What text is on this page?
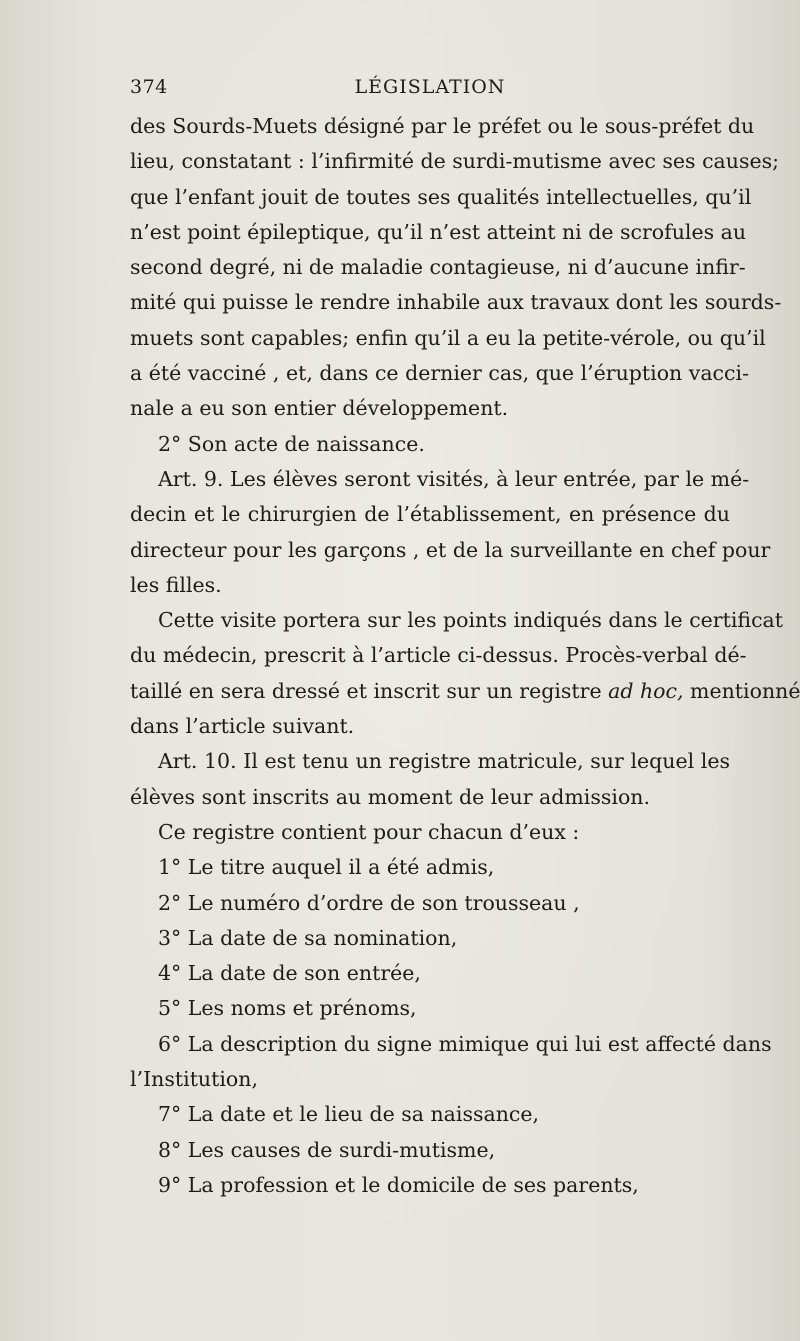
374	LÉGISLATION
des Sourds-Muets désigné par le préfet ou le sous-préfet du
lieu, constatant : l’infirmité de surdi-mutisme avec ses causes;
que l’enfant jouit de toutes ses qualités intellectuelles, qu’il
n’est point épileptique, qu’il n’est atteint ni de scrofules au
second degré, ni de maladie contagieuse, ni d’aucune infir-
mité qui puisse le rendre inhabile aux travaux dont les sourds-
muets sont capables; enfin qu’il a eu la petite-vérole, ou qu’il
a été vacciné , et, dans ce dernier cas, que l’éruption vacci-
nale a eu son entier développement.
2° Son acte de naissance.
Art. 9. Les élèves seront visités, à leur entrée, par le mé-
decin et le chirurgien de l’établissement, en présence du
directeur pour les garçons , et de la surveillante en chef pour
les filles.
Cette visite portera sur les points indiqués dans le certificat
du médecin, prescrit à l’article ci-dessus. Procès-verbal dé-
taillé en sera dressé et inscrit sur un registre ad hoc, mentionné
dans l’article suivant.
Art. 10. Il est tenu un registre matricule, sur lequel les
élèves sont inscrits au moment de leur admission.
Ce registre contient pour chacun d’eux :
1° Le titre auquel il a été admis,
2° Le numéro d’ordre de son trousseau ,
3° La date de sa nomination,
4° La date de son entrée,
5° Les noms et prénoms,
6° La description du signe mimique qui lui est affecté dans
l’Institution,
7° La date et le lieu de sa naissance,
8° Les causes de surdi-mutisme,
9° La profession et le domicile de ses parents,
